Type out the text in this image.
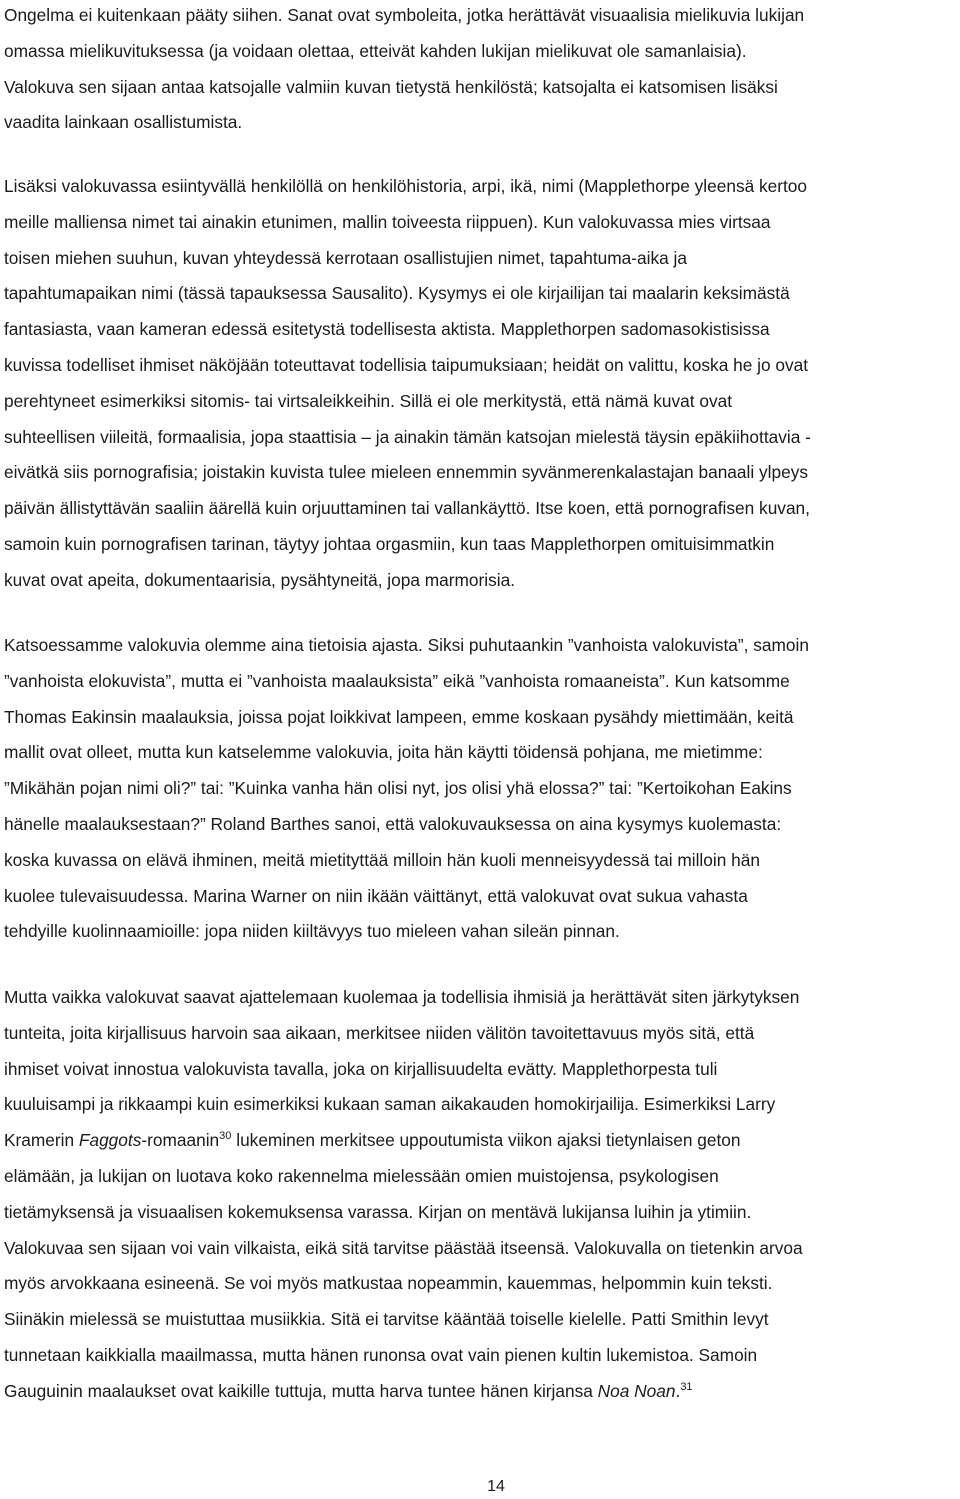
Ongelma ei kuitenkaan pääty siihen. Sanat ovat symboleita, jotka herättävät visuaalisia mielikuvia lukijan
omassa mielikuvituksessa (ja voidaan olettaa, etteivät kahden lukijan mielikuvat ole samanlaisia).
Valokuva sen sijaan antaa katsojalle valmiin kuvan tietystä henkilöstä; katsojalta ei katsomisen lisäksi
vaadita lainkaan osallistumista.

Lisäksi valokuvassa esiintyvällä henkilöllä on henkilöhistoria, arpi, ikä, nimi (Mapplethorpe yleensä kertoo
meille malliensa nimet tai ainakin etunimen, mallin toiveesta riippuen). Kun valokuvassa mies virtsaa
toisen miehen suuhun, kuvan yhteydessä kerrotaan osallistujien nimet, tapahtuma-aika ja
tapahtumapaikan nimi (tässä tapauksessa Sausalito). Kysymys ei ole kirjailijan tai maalarin keksimästä
fantasiasta, vaan kameran edessä esitetystä todellisesta aktista. Mapplethorpen sadomasokistisissa
kuvissa todelliset ihmiset näköjään toteuttavat todellisia taipumuksiaan; heidät on valittu, koska he jo ovat
perehtyneet esimerkiksi sitomis- tai virtsaleikkeihin. Sillä ei ole merkitystä, että nämä kuvat ovat
suhteellisen viileitä, formaalisia, jopa staattisia – ja ainakin tämän katsojan mielestä täysin epäkiihottavia -
eivätkä siis pornografisia; joistakin kuvista tulee mieleen ennemmin syvänmerenkalastajan banaali ylpeys
päivän ällistyttävän saaliin äärellä kuin orjuuttaminen tai vallankäyttö. Itse koen, että pornografisen kuvan,
samoin kuin pornografisen tarinan, täytyy johtaa orgasmiin, kun taas Mapplethorpen omituisimmatkin
kuvat ovat apeita, dokumentaarisia, pysähtyneitä, jopa marmorisia.

Katsoessamme valokuvia olemme aina tietoisia ajasta. Siksi puhutaankin ”vanhoista valokuvista”, samoin
”vanhoista elokuvista”, mutta ei ”vanhoista maalauksista” eikä ”vanhoista romaaneista”. Kun katsomme
Thomas Eakinsin maalauksia, joissa pojat loikkivat lampeen, emme koskaan pysähdy miettimään, keitä
mallit ovat olleet, mutta kun katselemme valokuvia, joita hän käytti töidensä pohjana, me mietimme:
”Mikähän pojan nimi oli?” tai: ”Kuinka vanha hän olisi nyt, jos olisi yhä elossa?” tai: ”Kertoikohan Eakins
hänelle maalauksestaan?” Roland Barthes sanoi, että valokuvauksessa on aina kysymys kuolemasta:
koska kuvassa on elävä ihminen, meitä mietityttää milloin hän kuoli menneisyydessä tai milloin hän
kuolee tulevaisuudessa. Marina Warner on niin ikään väittänyt, että valokuvat ovat sukua vahasta
tehdyille kuolinnaamioille: jopa niiden kiiltävyys tuo mieleen vahan sileän pinnan.

Mutta vaikka valokuvat saavat ajattelemaan kuolemaa ja todellisia ihmisiä ja herättävät siten järkytyksen
tunteita, joita kirjallisuus harvoin saa aikaan, merkitsee niiden välitön tavoitettavuus myös sitä, että
ihmiset voivat innostua valokuvista tavalla, joka on kirjallisuudelta evätty. Mapplethorpesta tuli
kuuluisampi ja rikkaampi kuin esimerkiksi kukaan saman aikakauden homokirjailija. Esimerkiksi Larry
Kramerin Faggots-romaanin$^{30}$ lukeminen merkitsee uppoutumista viikon ajaksi tietynlaisen geton
elämään, ja lukijan on luotava koko rakennelma mielessään omien muistojensa, psykologisen
tietämyksensä ja visuaalisen kokemuksensa varassa. Kirjan on mentävä lukijansa luihin ja ytimiin.
Valokuvaa sen sijaan voi vain vilkaista, eikä sitä tarvitse päästää itseensä. Valokuvalla on tietenkin arvoa
myös arvokkaana esineenä. Se voi myös matkustaa nopeammin, kauemmas, helpommin kuin teksti.
Siinäkin mielessä se muistuttaa musiikkia. Sitä ei tarvitse kääntää toiselle kielelle. Patti Smithin levyt
tunnetaan kaikkialla maailmassa, mutta hänen runonsa ovat vain pienen kultin lukemistoa. Samoin
Gauguinin maalaukset ovat kaikille tuttuja, mutta harva tuntee hänen kirjansa Noa Noan.$^{31}$

14
